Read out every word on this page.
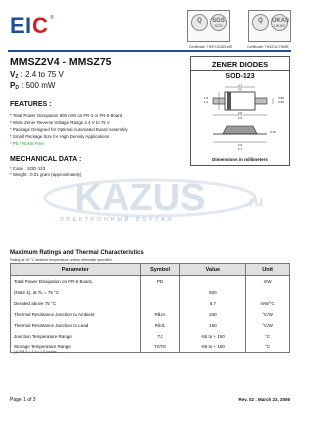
E I C ®	Q	SGS
SGS
Q	UKAS
UKAS
Certificate: TH97/1108/1WE	Certificate: TH42/11/7599E
MMSZ2V4 - MMSZ75
VZ : 2.4 to 75 V
PD : 500 mW
FEATURES :
* Total Power Dissipation 500 mW on FR-4 or FR-5 Board
* Wide Zener Reverse Voltage Range 2.4 V to 75 V
* Package Designed for Optimal Automated Board Assembly
* Small Package Size for High Density Applications
* Pb / RoHS Free
MECHANICAL DATA :
* Case : SOD-123
* Weight : 0.01 gram (approximately)
ZENER DIODES
SOD-123
3.7
3.5
2.8
2.5
1.8
1.4
0.85
0.65
0.15
2.9
2.7
Dimensions in millimeters
KAZUS	.ru
ЭЛЕКТРОННЫЙ ПОРТАЛ
Maximum Ratings and Thermal Characteristics
Rating at 25 °C ambient temperature unless otherwise specified.
Parameter	Symbol	Value	Unit
Total Power Dissipation on FR-5 Board,	PD		mW
(Note 1), at TL = 75 °C		500	
Derated above 75 °C		6.7	mW/°C
Thermal Resistance Junction to Ambient	RθJA	340	°C/W
Thermal Resistance Junction to Lead	RθJL	150	°C/W
Junction Temperature Range	TJ	-55 to + 150	°C
Storage Temperature Range	TSTG	-55 to + 150	°C
(1) FR-5 = 3.5 x 1.5 inches
Page 1 of 3	Rev. 02 : March 22, 2006
